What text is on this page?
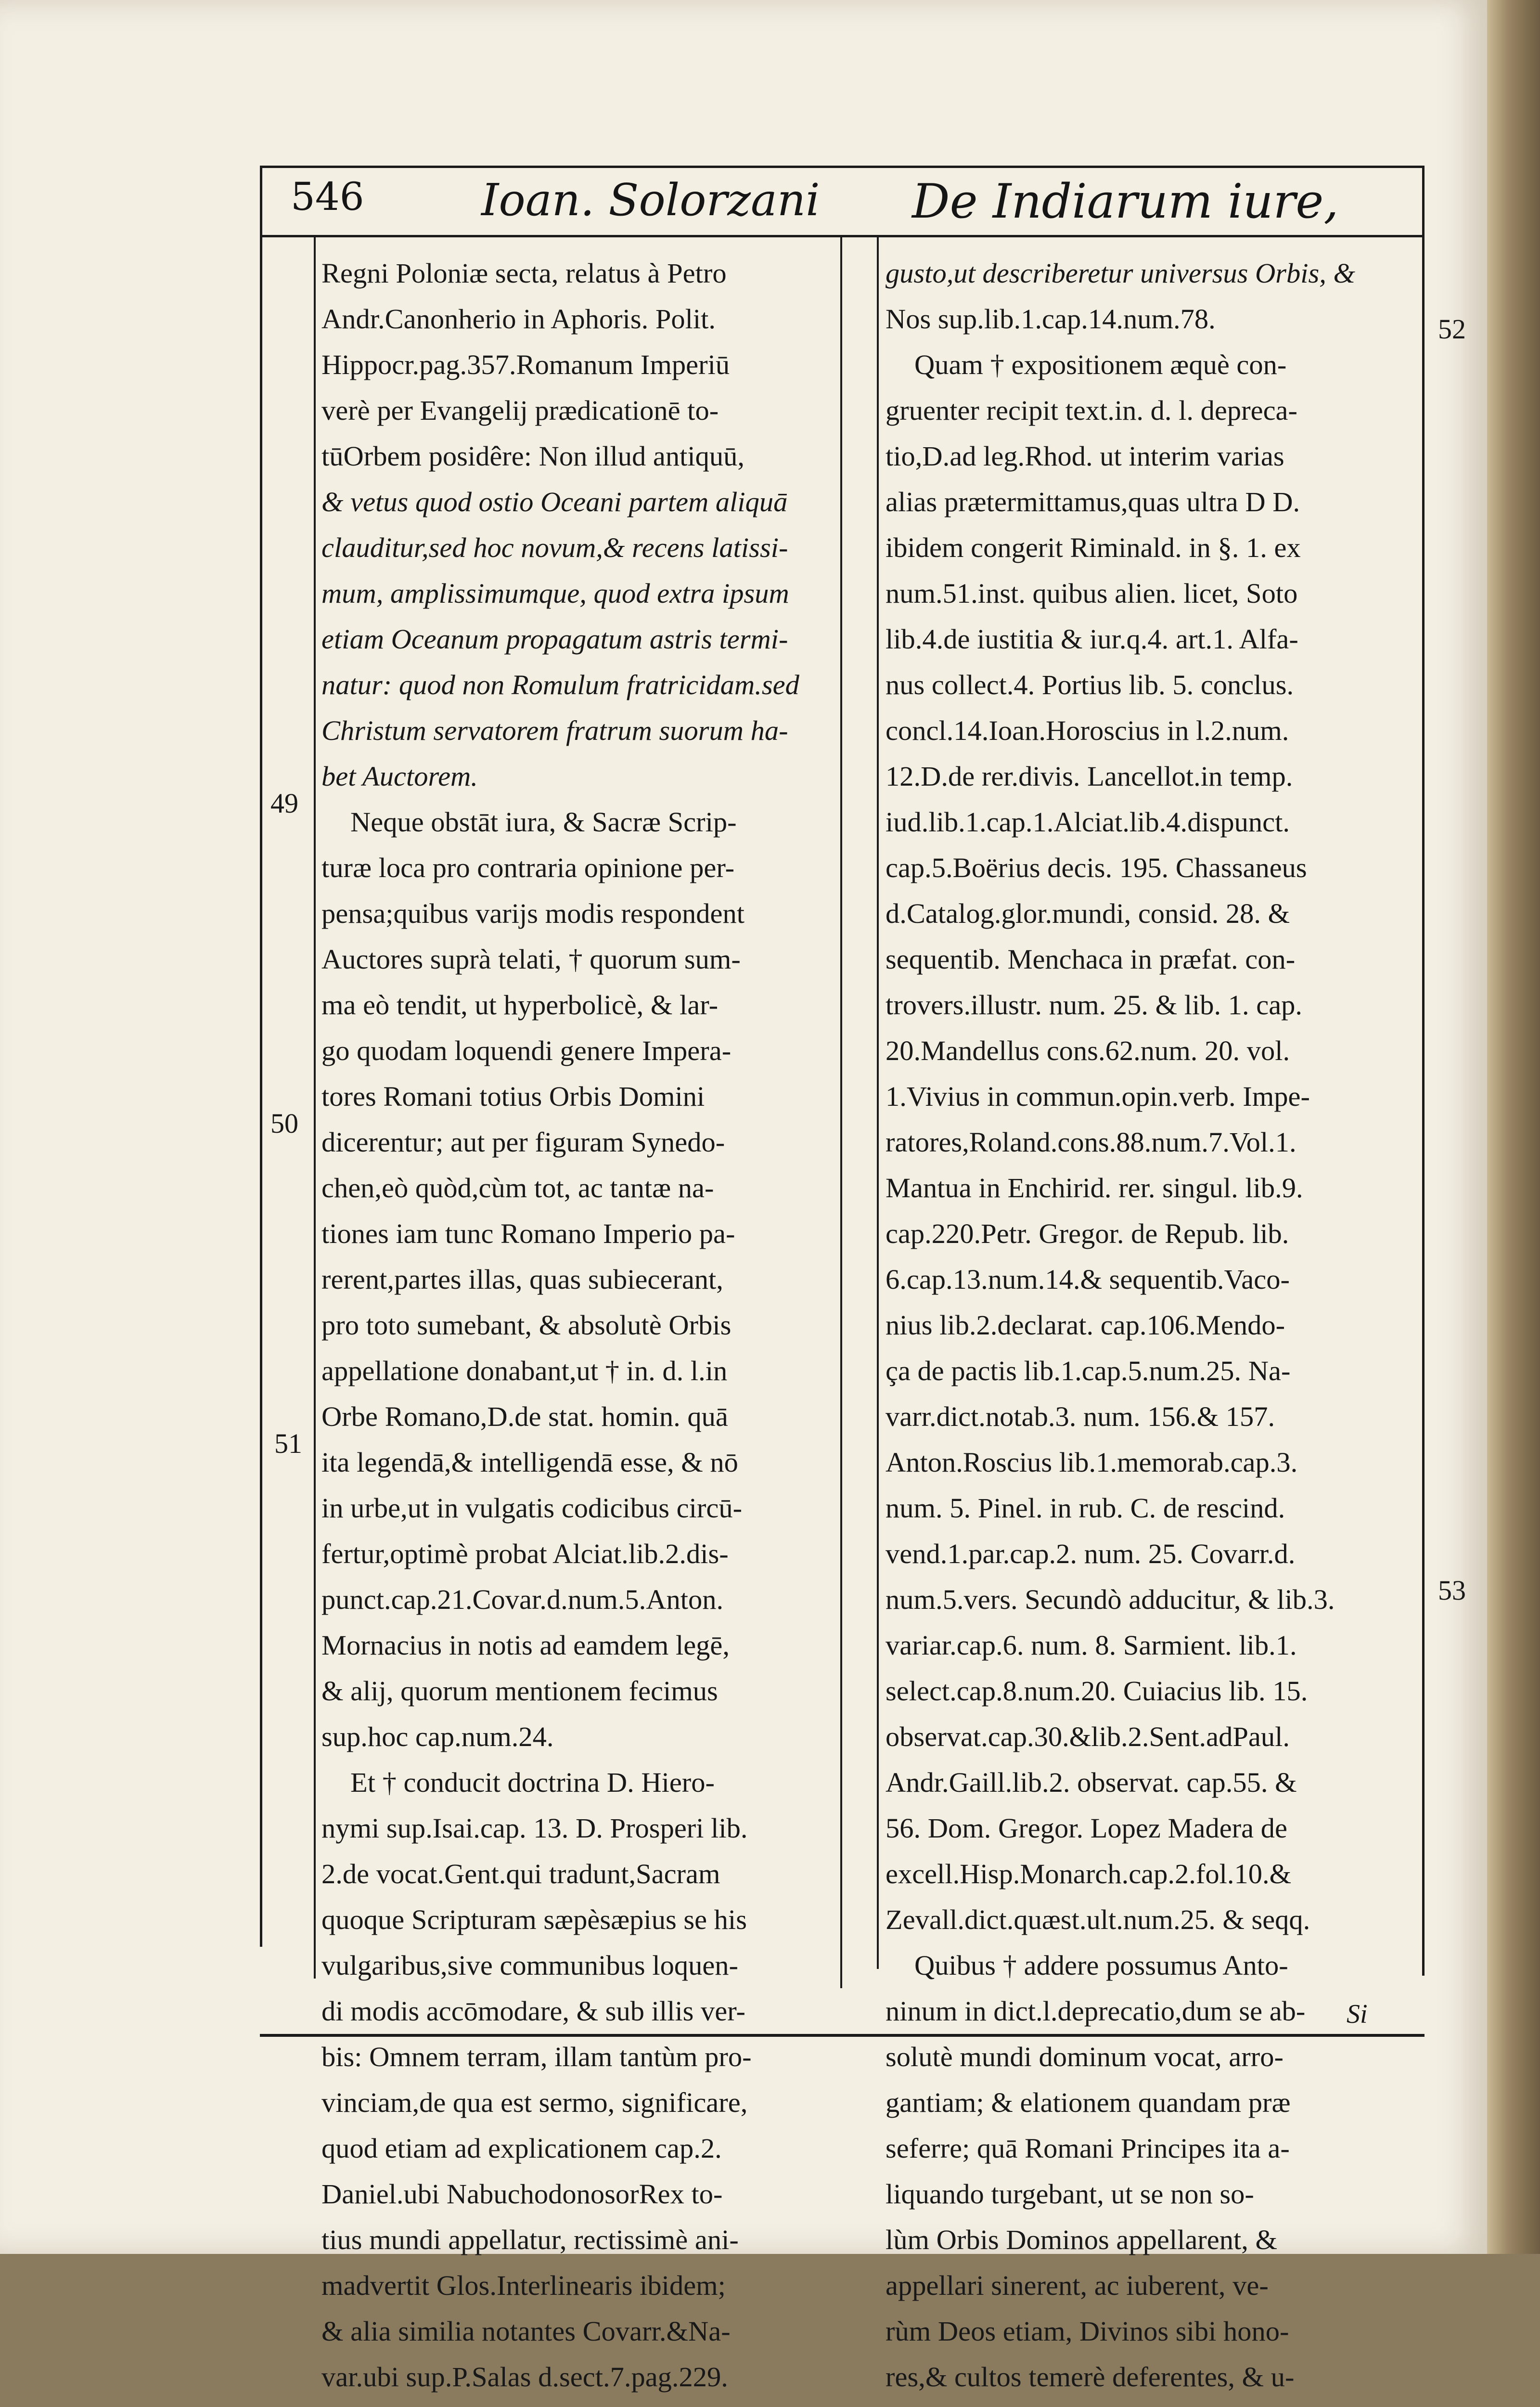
546	Ioan. Solorzani De Indiarum iure,
49
50
51
52
53
Regni Poloniæ secta, relatus à Petro
Andr.Canonherio in Aphoris. Polit.
Hippocr.pag.357.Romanum Imperiū
verè per Evangelij prædicationē to-
tūOrbem posidêre: Non illud antiquū,
& vetus quod ostio Oceani partem aliquā
clauditur,sed hoc novum,& recens latissi-
mum, amplissimumque, quod extra ipsum
etiam Oceanum propagatum astris termi-
natur: quod non Romulum fratricidam.sed
Christum servatorem fratrum suorum ha-
bet Auctorem.
Neque obstāt iura, & Sacræ Scrip-
turæ loca pro contraria opinione per-
pensa;quibus varijs modis respondent
Auctores suprà telati, † quorum sum-
ma eò tendit, ut hyperbolicè, & lar-
go quodam loquendi genere Impera-
tores Romani totius Orbis Domini
dicerentur; aut per figuram Synedo-
chen,eò quòd,cùm tot, ac tantæ na-
tiones iam tunc Romano Imperio pa-
rerent,partes illas, quas subiecerant,
pro toto sumebant, & absolutè Orbis
appellatione donabant,ut † in. d. l.in
Orbe Romano,D.de stat. homin. quā
ita legendā,& intelligendā esse, & nō
in urbe,ut in vulgatis codicibus circū-
fertur,optimè probat Alciat.lib.2.dis-
punct.cap.21.Covar.d.num.5.Anton.
Mornacius in notis ad eamdem legē,
& alij, quorum mentionem fecimus
sup.hoc cap.num.24.
Et † conducit doctrina D. Hiero-
nymi sup.Isai.cap. 13. D. Prosperi lib.
2.de vocat.Gent.qui tradunt,Sacram
quoque Scripturam sæpèsæpius se his
vulgaribus,sive communibus loquen-
di modis accōmodare, & sub illis ver-
bis: Omnem terram, illam tantùm pro-
vinciam,de qua est sermo, significare,
quod etiam ad explicationem cap.2.
Daniel.ubi NabuchodonosorRex to-
tius mundi appellatur, rectissimè ani-
madvertit Glos.Interlinearis ibidem;
& alia similia notantes Covarr.&Na-
var.ubi sup.P.Salas d.sect.7.pag.229.
gusto,ut describeretur universus Orbis, &
Nos sup.lib.1.cap.14.num.78.
Quam † expositionem æquè con-
gruenter recipit text.in. d. l. depreca-
tio,D.ad leg.Rhod. ut interim varias
alias prætermittamus,quas ultra D D.
ibidem congerit Riminald. in §. 1. ex
num.51.inst. quibus alien. licet, Soto
lib.4.de iustitia & iur.q.4. art.1. Alfa-
nus collect.4. Portius lib. 5. conclus.
concl.14.Ioan.Horoscius in l.2.num.
12.D.de rer.divis. Lancellot.in temp.
iud.lib.1.cap.1.Alciat.lib.4.dispunct.
cap.5.Boërius decis. 195. Chassaneus
d.Catalog.glor.mundi, consid. 28. &
sequentib. Menchaca in præfat. con-
trovers.illustr. num. 25. & lib. 1. cap.
20.Mandellus cons.62.num. 20. vol.
1.Vivius in commun.opin.verb. Impe-
ratores,Roland.cons.88.num.7.Vol.1.
Mantua in Enchirid. rer. singul. lib.9.
cap.220.Petr. Gregor. de Repub. lib.
6.cap.13.num.14.& sequentib.Vaco-
nius lib.2.declarat. cap.106.Mendo-
ça de pactis lib.1.cap.5.num.25. Na-
varr.dict.notab.3. num. 156.& 157.
Anton.Roscius lib.1.memorab.cap.3.
num. 5. Pinel. in rub. C. de rescind.
vend.1.par.cap.2. num. 25. Covarr.d.
num.5.vers. Secundò adducitur, & lib.3.
variar.cap.6. num. 8. Sarmient. lib.1.
select.cap.8.num.20. Cuiacius lib. 15.
observat.cap.30.&lib.2.Sent.adPaul.
Andr.Gaill.lib.2. observat. cap.55. &
56. Dom. Gregor. Lopez Madera de
excell.Hisp.Monarch.cap.2.fol.10.&
Zevall.dict.quæst.ult.num.25. & seqq.
Quibus † addere possumus Anto-
ninum in dict.l.deprecatio,dum se ab-
solutè mundi dominum vocat, arro-
gantiam; & elationem quandam præ
seferre; quā Romani Principes ita a-
liquando turgebant, ut se non so-
lùm Orbis Dominos appellarent, &
appellari sinerent, ac iuberent, ve-
rùm Deos etiam, Divinos sibi hono-
res,& cultos temerè deferentes, & u-
Si
